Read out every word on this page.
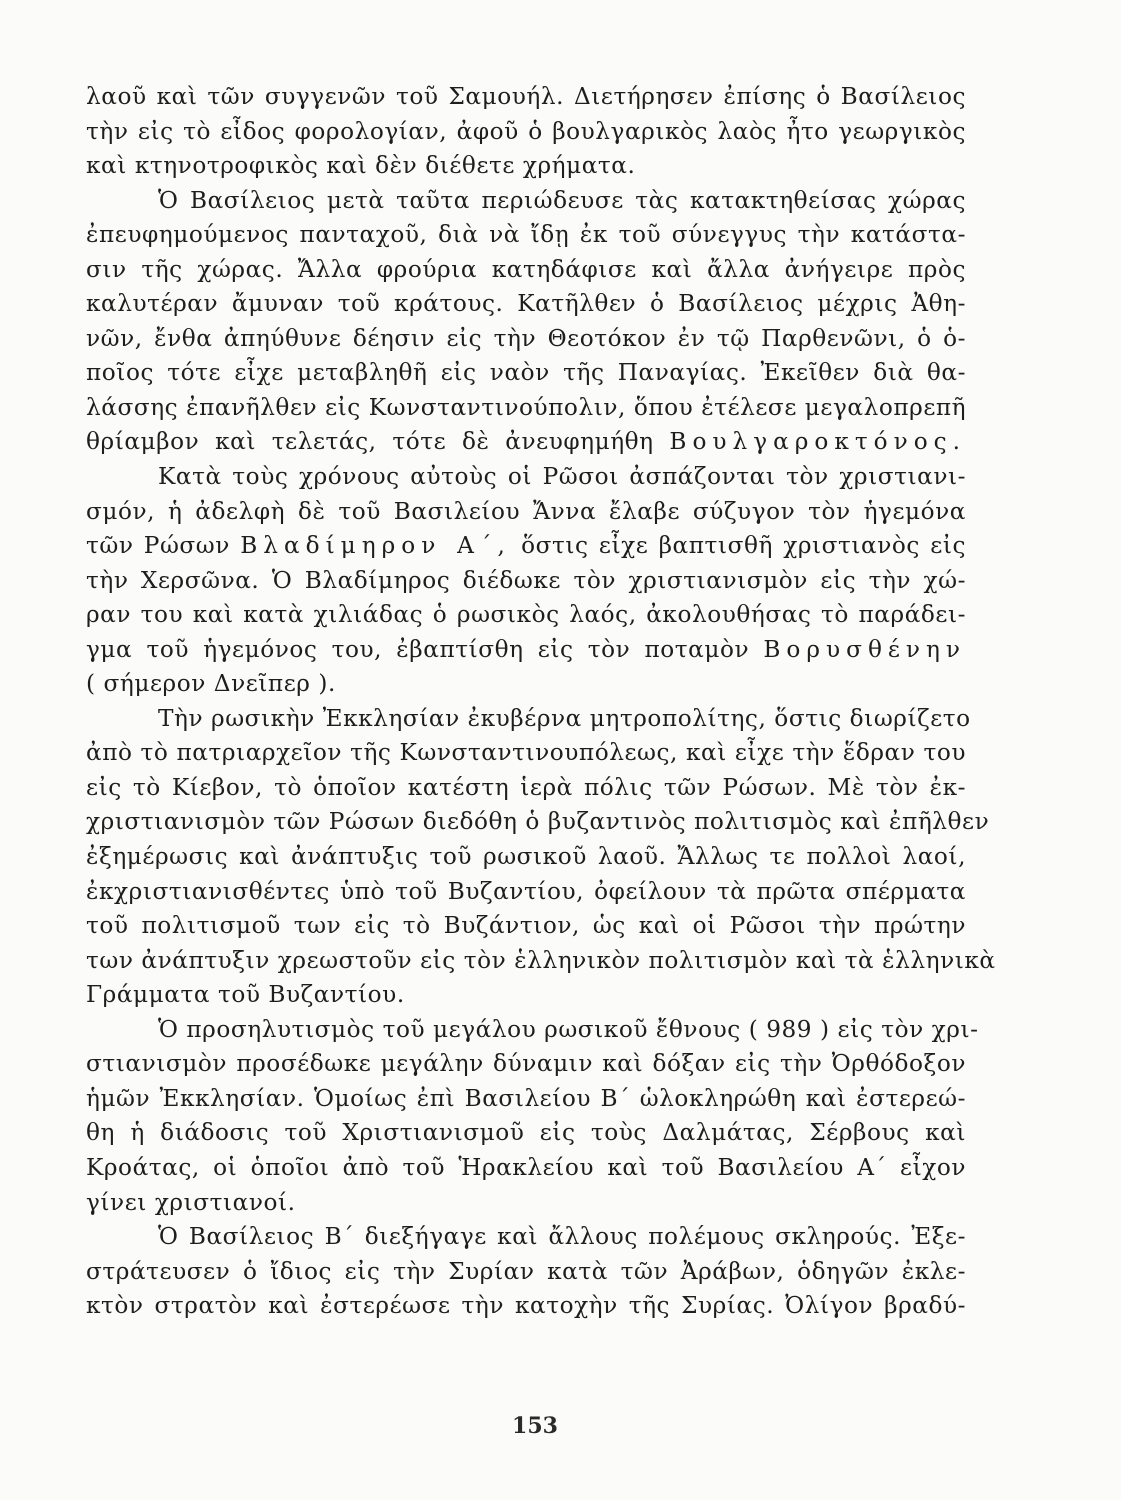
λαοῦ καὶ τῶν συγγενῶν τοῦ Σαμουήλ. Διετήρησεν ἐπίσης ὁ Βασίλειος
τὴν εἰς τὸ εἶδος φορολογίαν, ἀφοῦ ὁ βουλγαρικὸς λαὸς ἦτο γεωργικὸς
καὶ κτηνοτροφικὸς καὶ δὲν διέθετε χρήματα.
Ὁ Βασίλειος μετὰ ταῦτα περιώδευσε τὰς κατακτηθείσας χώρας
ἐπευφημούμενος πανταχοῦ, διὰ νὰ ἴδῃ ἐκ τοῦ σύνεγγυς τὴν κατάστα-
σιν τῆς χώρας. Ἄλλα φρούρια κατηδάφισε καὶ ἄλλα ἀνήγειρε πρὸς
καλυτέραν ἄμυναν τοῦ κράτους. Κατῆλθεν ὁ Βασίλειος μέχρις Ἀθη-
νῶν, ἔνθα ἀπηύθυνε δέησιν εἰς τὴν Θεοτόκον ἐν τῷ Παρθενῶνι, ὁ ὁ-
ποῖος τότε εἶχε μεταβληθῆ εἰς ναὸν τῆς Παναγίας. Ἐκεῖθεν διὰ θα-
λάσσης ἐπανῆλθεν εἰς Κωνσταντινούπολιν, ὅπου ἐτέλεσε μεγαλοπρεπῆ
θρίαμβον καὶ τελετάς, τότε δὲ ἀνευφημήθη Βουλγαροκτόνος.
Κατὰ τοὺς χρόνους αὐτοὺς οἱ Ρῶσοι ἀσπάζονται τὸν χριστιανι-
σμόν, ἡ ἀδελφὴ δὲ τοῦ Βασιλείου Ἄννα ἔλαβε σύζυγον τὸν ἡγεμόνα
τῶν Ρώσων Βλαδίμηρον Α΄, ὅστις εἶχε βαπτισθῆ χριστιανὸς εἰς
τὴν Χερσῶνα. Ὁ Βλαδίμηρος διέδωκε τὸν χριστιανισμὸν εἰς τὴν χώ-
ραν του καὶ κατὰ χιλιάδας ὁ ρωσικὸς λαός, ἀκολουθήσας τὸ παράδει-
γμα τοῦ ἡγεμόνος του, ἐβαπτίσθη εἰς τὸν ποταμὸν Βορυσθένην
( σήμερον Δνεῖπερ ).
Τὴν ρωσικὴν Ἐκκλησίαν ἐκυβέρνα μητροπολίτης, ὅστις διωρίζετο
ἀπὸ τὸ πατριαρχεῖον τῆς Κωνσταντινουπόλεως, καὶ εἶχε τὴν ἕδραν του
εἰς τὸ Κίεβον, τὸ ὁποῖον κατέστη ἱερὰ πόλις τῶν Ρώσων. Μὲ τὸν ἐκ-
χριστιανισμὸν τῶν Ρώσων διεδόθη ὁ βυζαντινὸς πολιτισμὸς καὶ ἐπῆλθεν
ἐξημέρωσις καὶ ἀνάπτυξις τοῦ ρωσικοῦ λαοῦ. Ἄλλως τε πολλοὶ λαοί,
ἐκχριστιανισθέντες ὑπὸ τοῦ Βυζαντίου, ὀφείλουν τὰ πρῶτα σπέρματα
τοῦ πολιτισμοῦ των εἰς τὸ Βυζάντιον, ὡς καὶ οἱ Ρῶσοι τὴν πρώτην
των ἀνάπτυξιν χρεωστοῦν εἰς τὸν ἑλληνικὸν πολιτισμὸν καὶ τὰ ἑλληνικὰ
Γράμματα τοῦ Βυζαντίου.
Ὁ προσηλυτισμὸς τοῦ μεγάλου ρωσικοῦ ἔθνους ( 989 ) εἰς τὸν χρι-
στιανισμὸν προσέδωκε μεγάλην δύναμιν καὶ δόξαν εἰς τὴν Ὀρθόδοξον
ἡμῶν Ἐκκλησίαν. Ὁμοίως ἐπὶ Βασιλείου Β΄ ὡλοκληρώθη καὶ ἐστερεώ-
θη ἡ διάδοσις τοῦ Χριστιανισμοῦ εἰς τοὺς Δαλμάτας, Σέρβους καὶ
Κροάτας, οἱ ὁποῖοι ἀπὸ τοῦ Ἡρακλείου καὶ τοῦ Βασιλείου Α΄ εἶχον
γίνει χριστιανοί.
Ὁ Βασίλειος Β΄ διεξήγαγε καὶ ἄλλους πολέμους σκληρούς. Ἐξε-
στράτευσεν ὁ ἴδιος εἰς τὴν Συρίαν κατὰ τῶν Ἀράβων, ὁδηγῶν ἐκλε-
κτὸν στρατὸν καὶ ἐστερέωσε τὴν κατοχὴν τῆς Συρίας. Ὀλίγον βραδύ-
153
